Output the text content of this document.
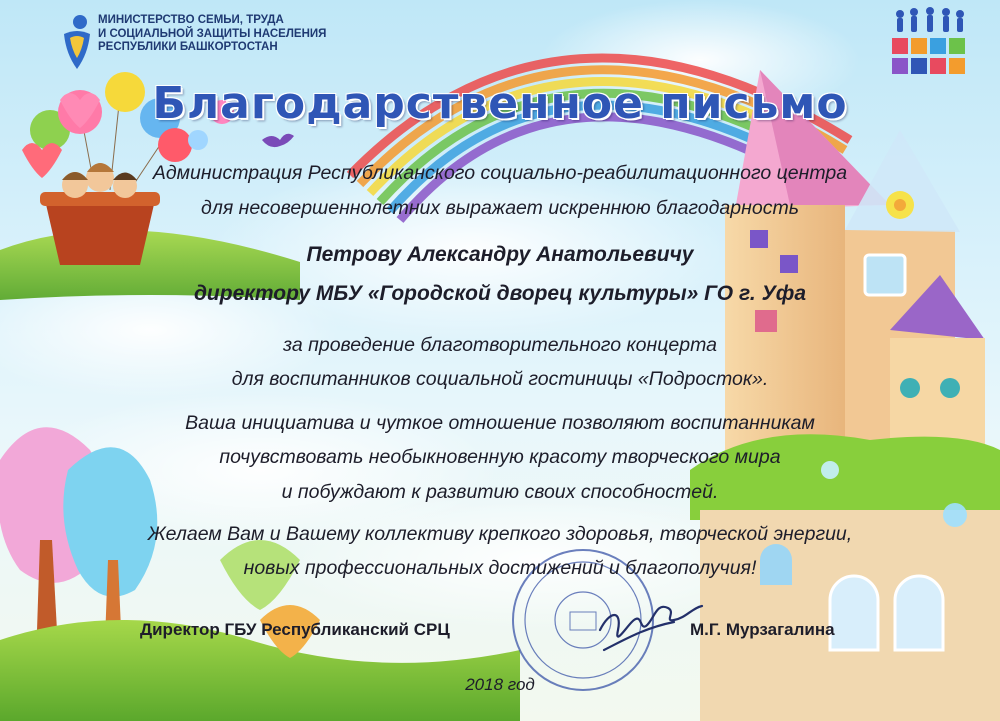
МИНИСТЕРСТВО СЕМЬИ, ТРУДА
И СОЦИАЛЬНОЙ ЗАЩИТЫ НАСЕЛЕНИЯ
РЕСПУБЛИКИ БАШКОРТОСТАН
Благодарственное письмо
Администрация Республиканского социально-реабилитационного центра
для несовершеннолетних выражает искреннюю благодарность
Петрову Александру Анатольевичу
директору МБУ «Городской дворец культуры» ГО г. Уфа
за проведение благотворительного концерта
для воспитанников социальной гостиницы «Подросток».
Ваша инициатива и чуткое отношение позволяют воспитанникам
почувствовать необыкновенную красоту творческого мира
и побуждают к развитию своих способностей.
Желаем Вам и Вашему коллективу крепкого здоровья, творческой энергии,
новых профессиональных достижений и благополучия!
Директор ГБУ Республиканский СРЦ	М.Г. Мурзагалина
2018 год
